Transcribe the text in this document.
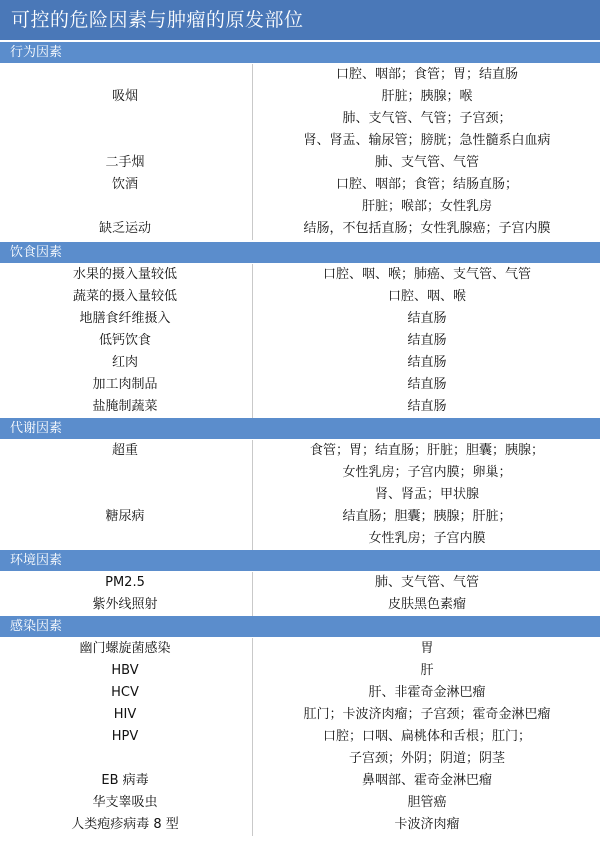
可控的危险因素与肿瘤的原发部位
行为因素
口腔、咽部；食管；胃；结直肠
肝脏；胰腺；喉
肺、支气管、气管；子宫颈；
肾、肾盂、输尿管；膀胱；急性髓系白血病
肺、支气管、气管
口腔、咽部；食管；结肠直肠；
肝脏；喉部；女性乳房
结肠，不包括直肠；女性乳腺癌；子宫内膜
吸烟
二手烟
饮酒
缺乏运动
饮食因素
口腔、咽、喉；肺癌、支气管、气管
口腔、咽、喉
结直肠
结直肠
结直肠
结直肠
结直肠
水果的摄入量较低
蔬菜的摄入量较低
地膳食纤维摄入
低钙饮食
红肉
加工肉制品
盐腌制蔬菜
代谢因素
食管；胃；结直肠；肝脏；胆囊；胰腺；
女性乳房；子宫内膜；卵巢；
肾、肾盂；甲状腺
结直肠；胆囊；胰腺；肝脏；
女性乳房；子宫内膜
超重
糖尿病
环境因素
肺、支气管、气管
皮肤黑色素瘤
PM2.5
紫外线照射
感染因素
胃
肝
肝、非霍奇金淋巴瘤
肛门；卡波济肉瘤；子宫颈；霍奇金淋巴瘤
口腔；口咽、扁桃体和舌根；肛门；
子宫颈；外阴；阴道；阴茎
鼻咽部、霍奇金淋巴瘤
胆管癌
卡波济肉瘤
幽门螺旋菌感染
HBV
HCV
HIV
HPV
EB 病毒
华支睾吸虫
人类疱疹病毒 8 型
